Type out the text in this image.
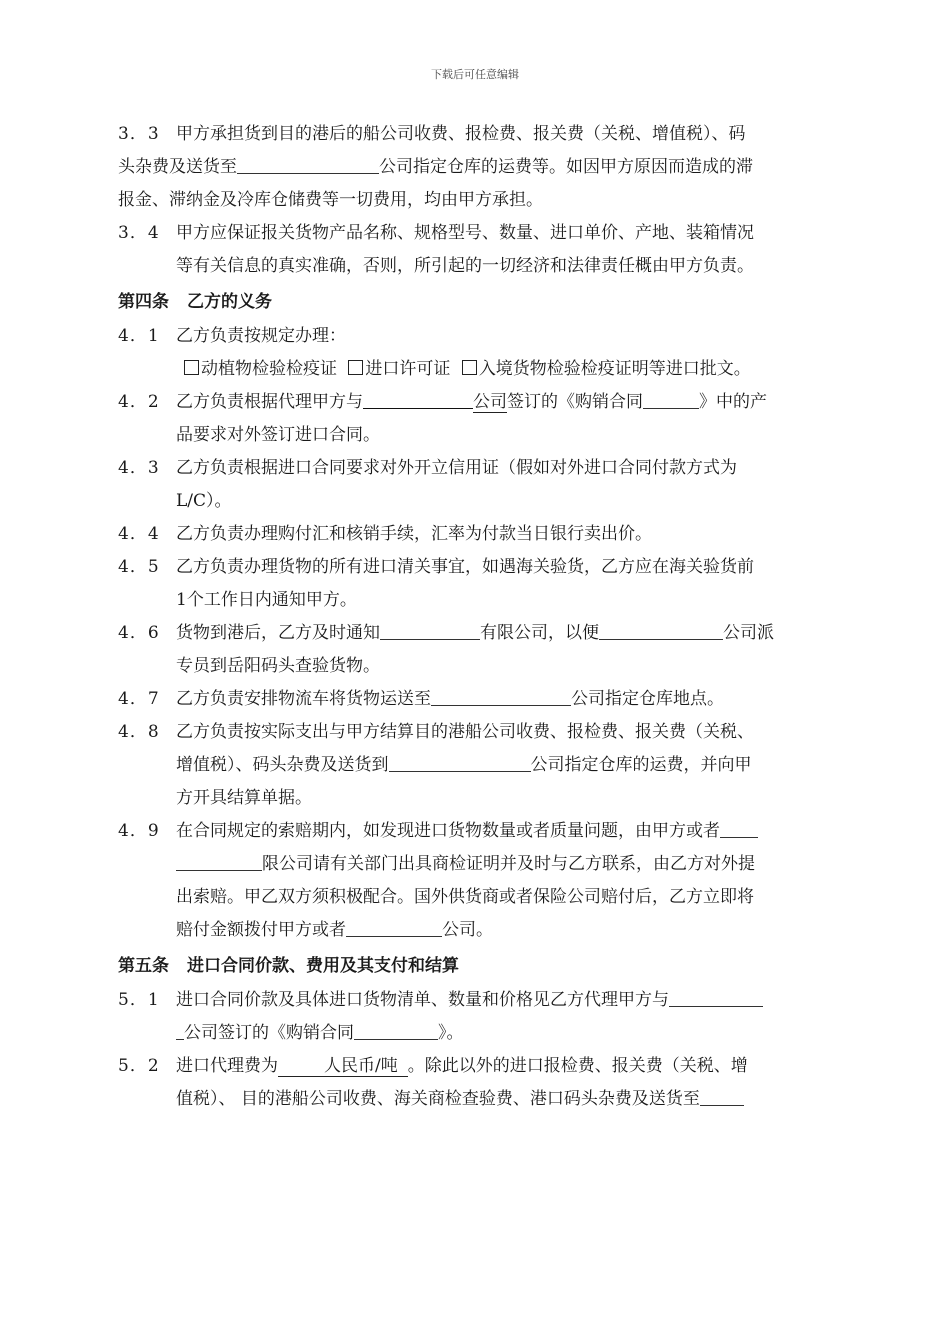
下载后可任意编辑
3．3 甲方承担货到目的港后的船公司收费、报检费、报关费（关税、增值税）、码
头杂费及送货至	公司指定仓库的运费等。如因甲方原因而造成的滞
报金、滞纳金及冷库仓储费等一切费用，均由甲方承担。
3．4 甲方应保证报关货物产品名称、规格型号、数量、进口单价、产地、装箱情况
等有关信息的真实准确，否则，所引起的一切经济和法律责任概由甲方负责。
第四条 乙方的义务
4．1 乙方负责按规定办理：
动植物检验检疫证 进口许可证 入境货物检验检疫证明等进口批文。
4．2 乙方负责根据代理甲方与	公司签订的《购销合同	》中的产
品要求对外签订进口合同。
4．3 乙方负责根据进口合同要求对外开立信用证（假如对外进口合同付款方式为
L/C）。
4．4 乙方负责办理购付汇和核销手续，汇率为付款当日银行卖出价。
4．5 乙方负责办理货物的所有进口清关事宜，如遇海关验货，乙方应在海关验货前
1个工作日内通知甲方。
4．6 货物到港后，乙方及时通知	有限公司，以便	公司派
专员到岳阳码头查验货物。
4．7 乙方负责安排物流车将货物运送至	公司指定仓库地点。
4．8 乙方负责按实际支出与甲方结算目的港船公司收费、报检费、报关费（关税、
增值税）、码头杂费及送货到	公司指定仓库的运费，并向甲
方开具结算单据。
4．9 在合同规定的索赔期内，如发现进口货物数量或者质量问题，由甲方或者
限公司请有关部门出具商检证明并及时与乙方联系，由乙方对外提
出索赔。甲乙双方须积极配合。国外供货商或者保险公司赔付后，乙方立即将
赔付金额拨付甲方或者	公司。
第五条 进口合同价款、费用及其支付和结算
5．1 进口合同价款及具体进口货物清单、数量和价格见乙方代理甲方与
公司签订的《购销合同	》。
5．2 进口代理费为	人民币/吨 。除此以外的进口报检费、报关费（关税、增
值税）、 目的港船公司收费、海关商检查验费、港口码头杂费及送货至
